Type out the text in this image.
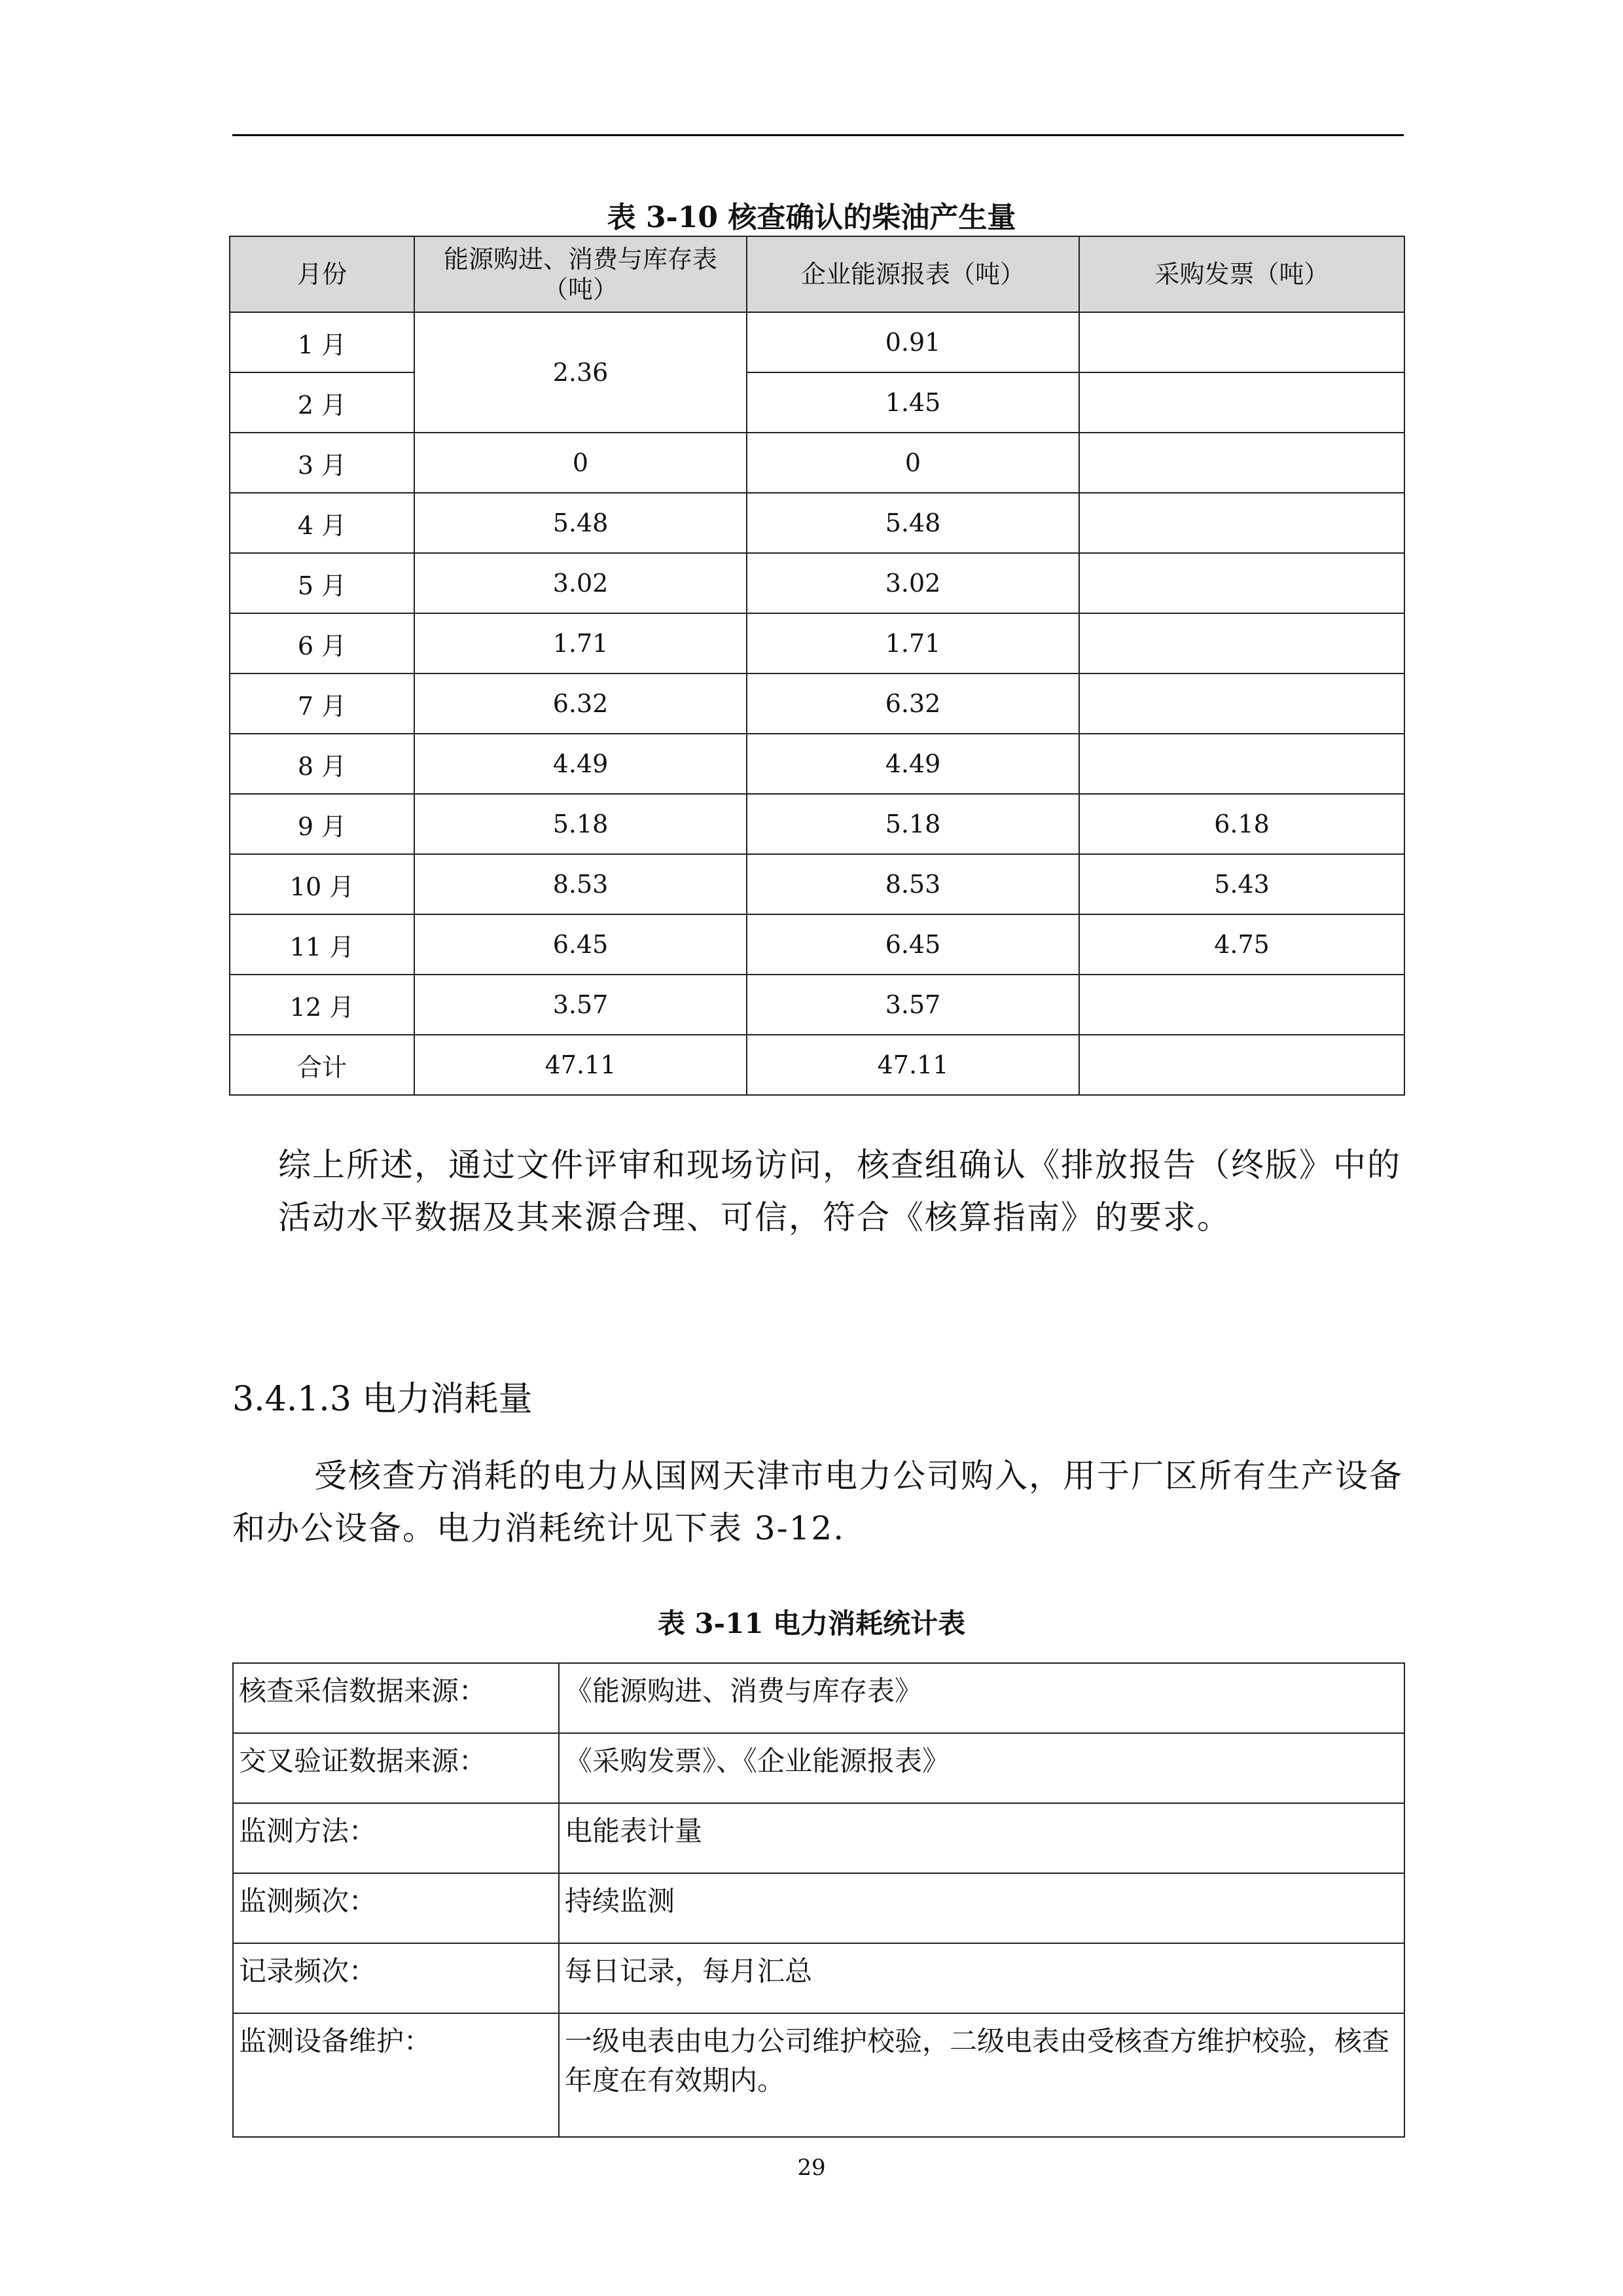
表 3-10 核查确认的柴油产生量
月份	能源购进、消费与库存表（吨）	企业能源报表（吨）	采购发票（吨）
1 月	2.36	0.91	
2 月		1.45	
3 月	0	0	
4 月	5.48	5.48	
5 月	3.02	3.02	
6 月	1.71	1.71	
7 月	6.32	6.32	
8 月	4.49	4.49	
9 月	5.18	5.18	6.18
10 月	8.53	8.53	5.43
11 月	6.45	6.45	4.75
12 月	3.57	3.57	
合计	47.11	47.11	
综上所述，通过文件评审和现场访问，核查组确认《排放报告（终版》中的活动水平数据及其来源合理、可信，符合《核算指南》的要求。
3.4.1.3 电力消耗量
受核查方消耗的电力从国网天津市电力公司购入，用于厂区所有生产设备和办公设备。电力消耗统计见下表 3-12.
表 3-11 电力消耗统计表
核查采信数据来源：	《能源购进、消费与库存表》
交叉验证数据来源：	《采购发票》、《企业能源报表》
监测方法：	电能表计量
监测频次：	持续监测
记录频次：	每日记录，每月汇总
监测设备维护：	一级电表由电力公司维护校验，二级电表由受核查方维护校验，核查年度在有效期内。
29
